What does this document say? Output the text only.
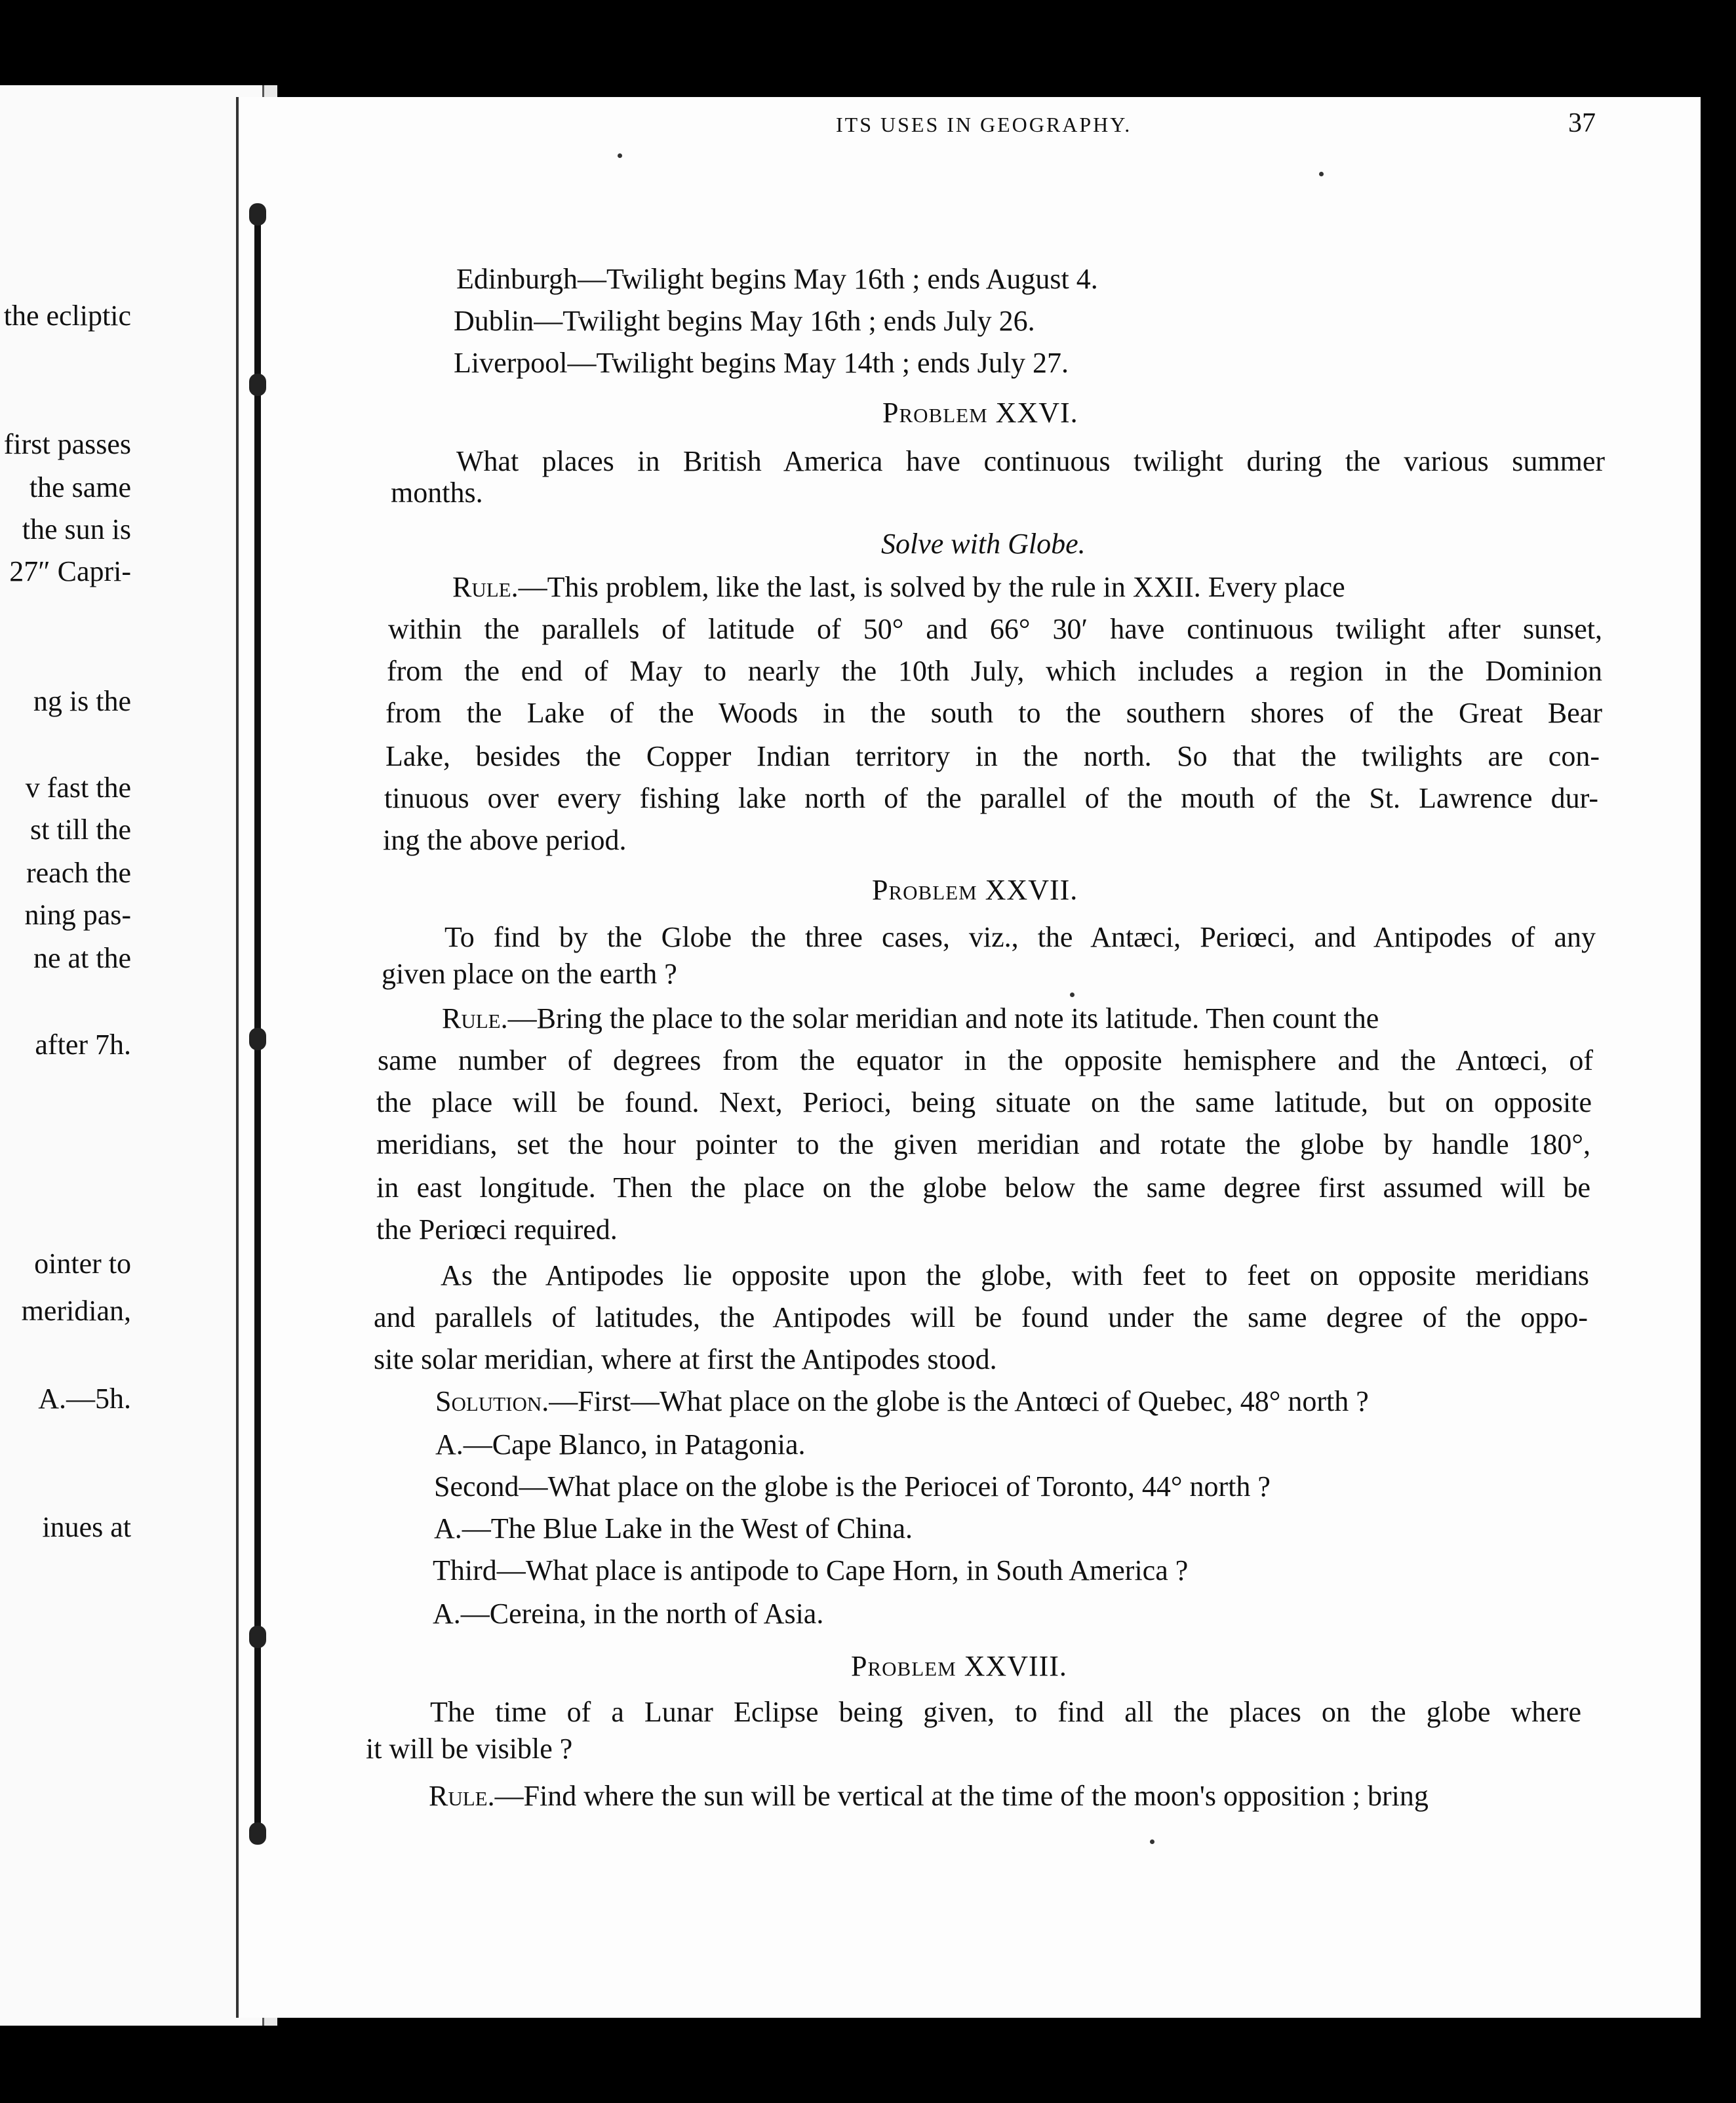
the ecliptic
first passes
the same
the sun is
27″ Capri-
ng is the
v fast the
st till the
reach the
ning pas-
ne at the
after 7h.
ointer to
meridian,
A.—5h.
inues at
ITS USES IN GEOGRAPHY.	37
Edinburgh—Twilight begins May 16th ; ends August 4.
Dublin—Twilight begins May 16th ; ends July 26.
Liverpool—Twilight begins May 14th ; ends July 27.
Problem XXVI.
What places in British America have continuous twilight during the various summer
months.
Solve with Globe.
Rule.—This problem, like the last, is solved by the rule in XXII. Every place
within the parallels of latitude of 50° and 66° 30′ have continuous twilight after sunset,
from the end of May to nearly the 10th July, which includes a region in the Dominion
from the Lake of the Woods in the south to the southern shores of the Great Bear
Lake, besides the Copper Indian territory in the north. So that the twilights are con-
tinuous over every fishing lake north of the parallel of the mouth of the St. Lawrence dur-
ing the above period.
Problem XXVII.
To find by the Globe the three cases, viz., the Antæci, Periœci, and Antipodes of any
given place on the earth ?
Rule.—Bring the place to the solar meridian and note its latitude. Then count the
same number of degrees from the equator in the opposite hemisphere and the Antœci, of
the place will be found. Next, Perioci, being situate on the same latitude, but on opposite
meridians, set the hour pointer to the given meridian and rotate the globe by handle 180°,
in east longitude. Then the place on the globe below the same degree first assumed will be
the Periœci required.
As the Antipodes lie opposite upon the globe, with feet to feet on opposite meridians
and parallels of latitudes, the Antipodes will be found under the same degree of the oppo-
site solar meridian, where at first the Antipodes stood.
Solution.—First—What place on the globe is the Antœci of Quebec, 48° north ?
A.—Cape Blanco, in Patagonia.
Second—What place on the globe is the Periocei of Toronto, 44° north ?
A.—The Blue Lake in the West of China.
Third—What place is antipode to Cape Horn, in South America ?
A.—Cereina, in the north of Asia.
Problem XXVIII.
The time of a Lunar Eclipse being given, to find all the places on the globe where
it will be visible ?
Rule.—Find where the sun will be vertical at the time of the moon's opposition ; bring
